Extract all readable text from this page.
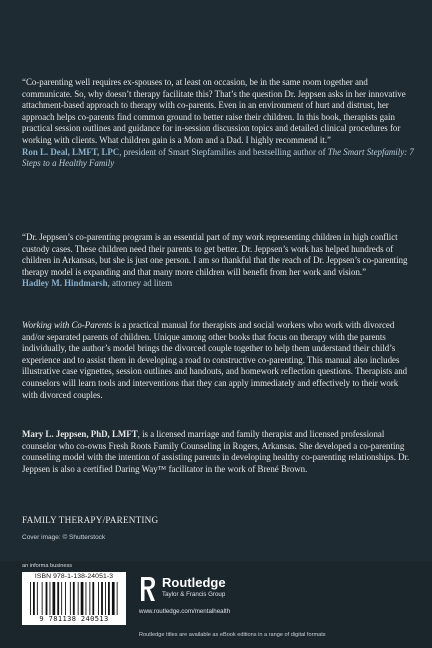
“Co-parenting well requires ex-spouses to, at least on occasion, be in the same room together and communicate. So, why doesn’t therapy facilitate this? That’s the question Dr. Jeppsen asks in her innovative attachment-based approach to therapy with co-parents. Even in an environment of hurt and distrust, her approach helps co-parents find common ground to better raise their children. In this book, therapists gain practical session outlines and guidance for in-session discussion topics and detailed clinical procedures for working with clients. What children gain is a Mom and a Dad. I highly recommend it.”
Ron L. Deal, LMFT, LPC, president of Smart Stepfamilies and bestselling author of The Smart Stepfamily: 7 Steps to a Healthy Family

“Dr. Jeppsen’s co-parenting program is an essential part of my work representing children in high conflict custody cases. These children need their parents to get better. Dr. Jeppsen’s work has helped hundreds of children in Arkansas, but she is just one person. I am so thankful that the reach of Dr. Jeppsen’s co-parenting therapy model is expanding and that many more children will benefit from her work and vision.”
Hadley M. Hindmarsh, attorney ad litem

Working with Co-Parents is a practical manual for therapists and social workers who work with divorced and/or separated parents of children. Unique among other books that focus on therapy with the parents individually, the author’s model brings the divorced couple together to help them understand their child’s experience and to assist them in developing a road to constructive co-parenting. This manual also includes illustrative case vignettes, session outlines and handouts, and homework reflection questions. Therapists and counselors will learn tools and interventions that they can apply immediately and effectively to their work with divorced couples.

Mary L. Jeppsen, PhD, LMFT, is a licensed marriage and family therapist and licensed professional counselor who co-owns Fresh Roots Family Counseling in Rogers, Arkansas. She developed a co-parenting counseling model with the intention of assisting parents in developing healthy co-parenting relationships. Dr. Jeppsen is also a certified Daring Way™ facilitator in the work of Brené Brown.

FAMILY THERAPY/PARENTING

Cover image: © Shutterstock

an informa business
ISBN 978-1-138-24051-3
9 781138 240513
Routledge
Taylor & Francis Group
www.routledge.com/mentalhealth
Routledge titles are available as eBook editions in a range of digital formats
